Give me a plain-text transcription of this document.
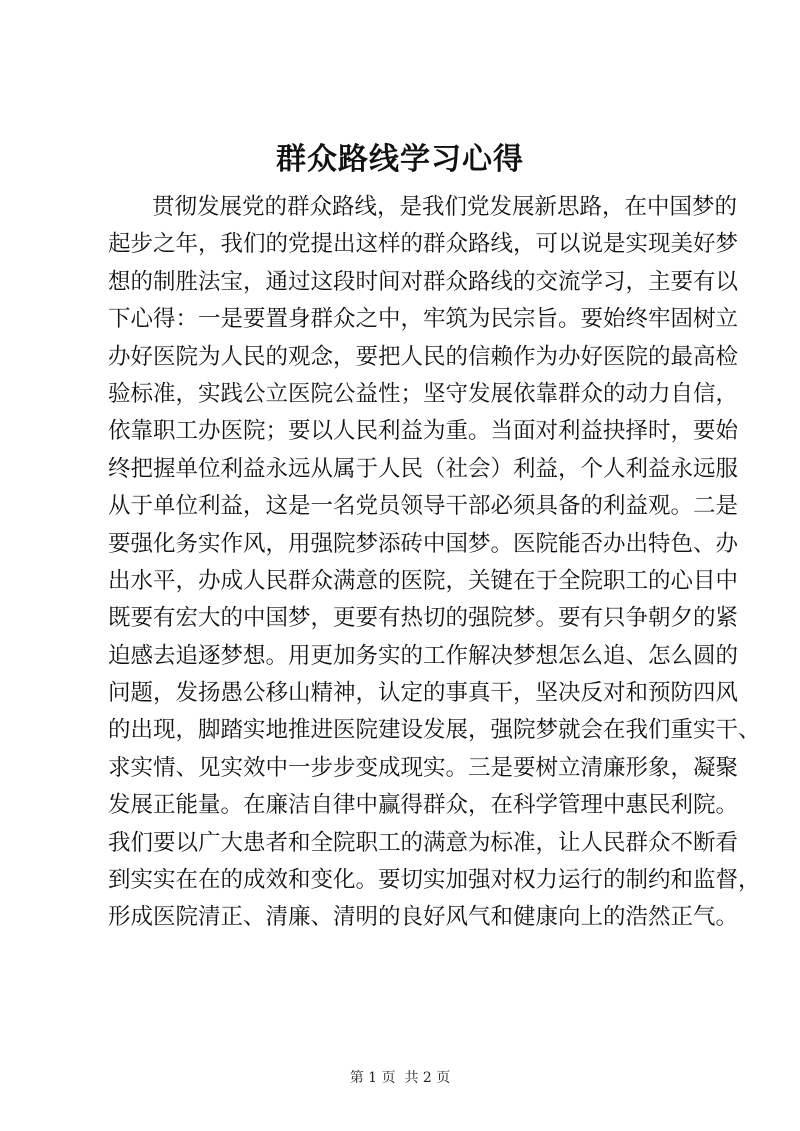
群众路线学习心得
贯彻发展党的群众路线，是我们党发展新思路，在中国梦的
起步之年，我们的党提出这样的群众路线，可以说是实现美好梦
想的制胜法宝，通过这段时间对群众路线的交流学习，主要有以
下心得：一是要置身群众之中，牢筑为民宗旨。要始终牢固树立
办好医院为人民的观念，要把人民的信赖作为办好医院的最高检
验标准，实践公立医院公益性；坚守发展依靠群众的动力自信，
依靠职工办医院；要以人民利益为重。当面对利益抉择时，要始
终把握单位利益永远从属于人民（社会）利益，个人利益永远服
从于单位利益，这是一名党员领导干部必须具备的利益观。二是
要强化务实作风，用强院梦添砖中国梦。医院能否办出特色、办
出水平，办成人民群众满意的医院，关键在于全院职工的心目中
既要有宏大的中国梦，更要有热切的强院梦。要有只争朝夕的紧
迫感去追逐梦想。用更加务实的工作解决梦想怎么追、怎么圆的
问题，发扬愚公移山精神，认定的事真干，坚决反对和预防四风
的出现，脚踏实地推进医院建设发展，强院梦就会在我们重实干、
求实情、见实效中一步步变成现实。三是要树立清廉形象，凝聚
发展正能量。在廉洁自律中赢得群众，在科学管理中惠民利院。
我们要以广大患者和全院职工的满意为标准，让人民群众不断看
到实实在在的成效和变化。要切实加强对权力运行的制约和监督，
形成医院清正、清廉、清明的良好风气和健康向上的浩然正气。
第 1 页  共 2 页
